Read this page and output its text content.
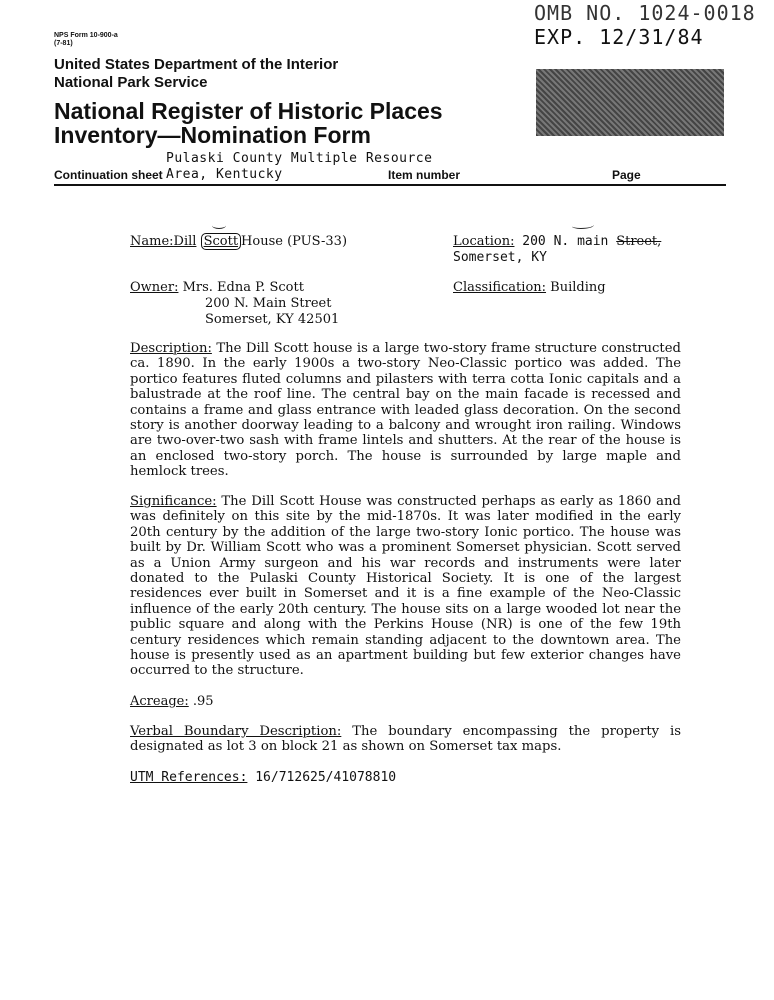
NPS Form 10-900-a
(7-81)
OMB NO. 1024-0018
EXP. 12/31/84
United States Department of the Interior
National Park Service
National Register of Historic Places
Inventory—Nomination Form
Pulaski County Multiple Resource
Continuation sheet Area, Kentucky	Item number	Page
Name:Dill Scott House (PUS-33)	Location: 200 N. main Street,
Somerset, KY
Owner: Mrs. Edna P. Scott
200 N. Main Street
Somerset, KY 42501
Classification: Building
Description: The Dill Scott house is a large two-story frame structure constructed ca. 1890. In the early 1900s a two-story Neo-Classic portico was added. The portico features fluted columns and pilasters with terra cotta Ionic capitals and a balustrade at the roof line. The central bay on the main facade is recessed and contains a frame and glass entrance with leaded glass decoration. On the second story is another doorway leading to a balcony and wrought iron railing. Windows are two-over-two sash with frame lintels and shutters. At the rear of the house is an enclosed two-story porch. The house is surrounded by large maple and hemlock trees.
Significance: The Dill Scott House was constructed perhaps as early as 1860 and was definitely on this site by the mid-1870s. It was later modified in the early 20th century by the addition of the large two-story Ionic portico. The house was built by Dr. William Scott who was a prominent Somerset physician. Scott served as a Union Army surgeon and his war records and instruments were later donated to the Pulaski County Historical Society. It is one of the largest residences ever built in Somerset and it is a fine example of the Neo-Classic influence of the early 20th century. The house sits on a large wooded lot near the public square and along with the Perkins House (NR) is one of the few 19th century residences which remain standing adjacent to the downtown area. The house is presently used as an apartment building but few exterior changes have occurred to the structure.
Acreage: .95
Verbal Boundary Description: The boundary encompassing the property is designated as lot 3 on block 21 as shown on Somerset tax maps.
UTM References: 16/712625/41078810
